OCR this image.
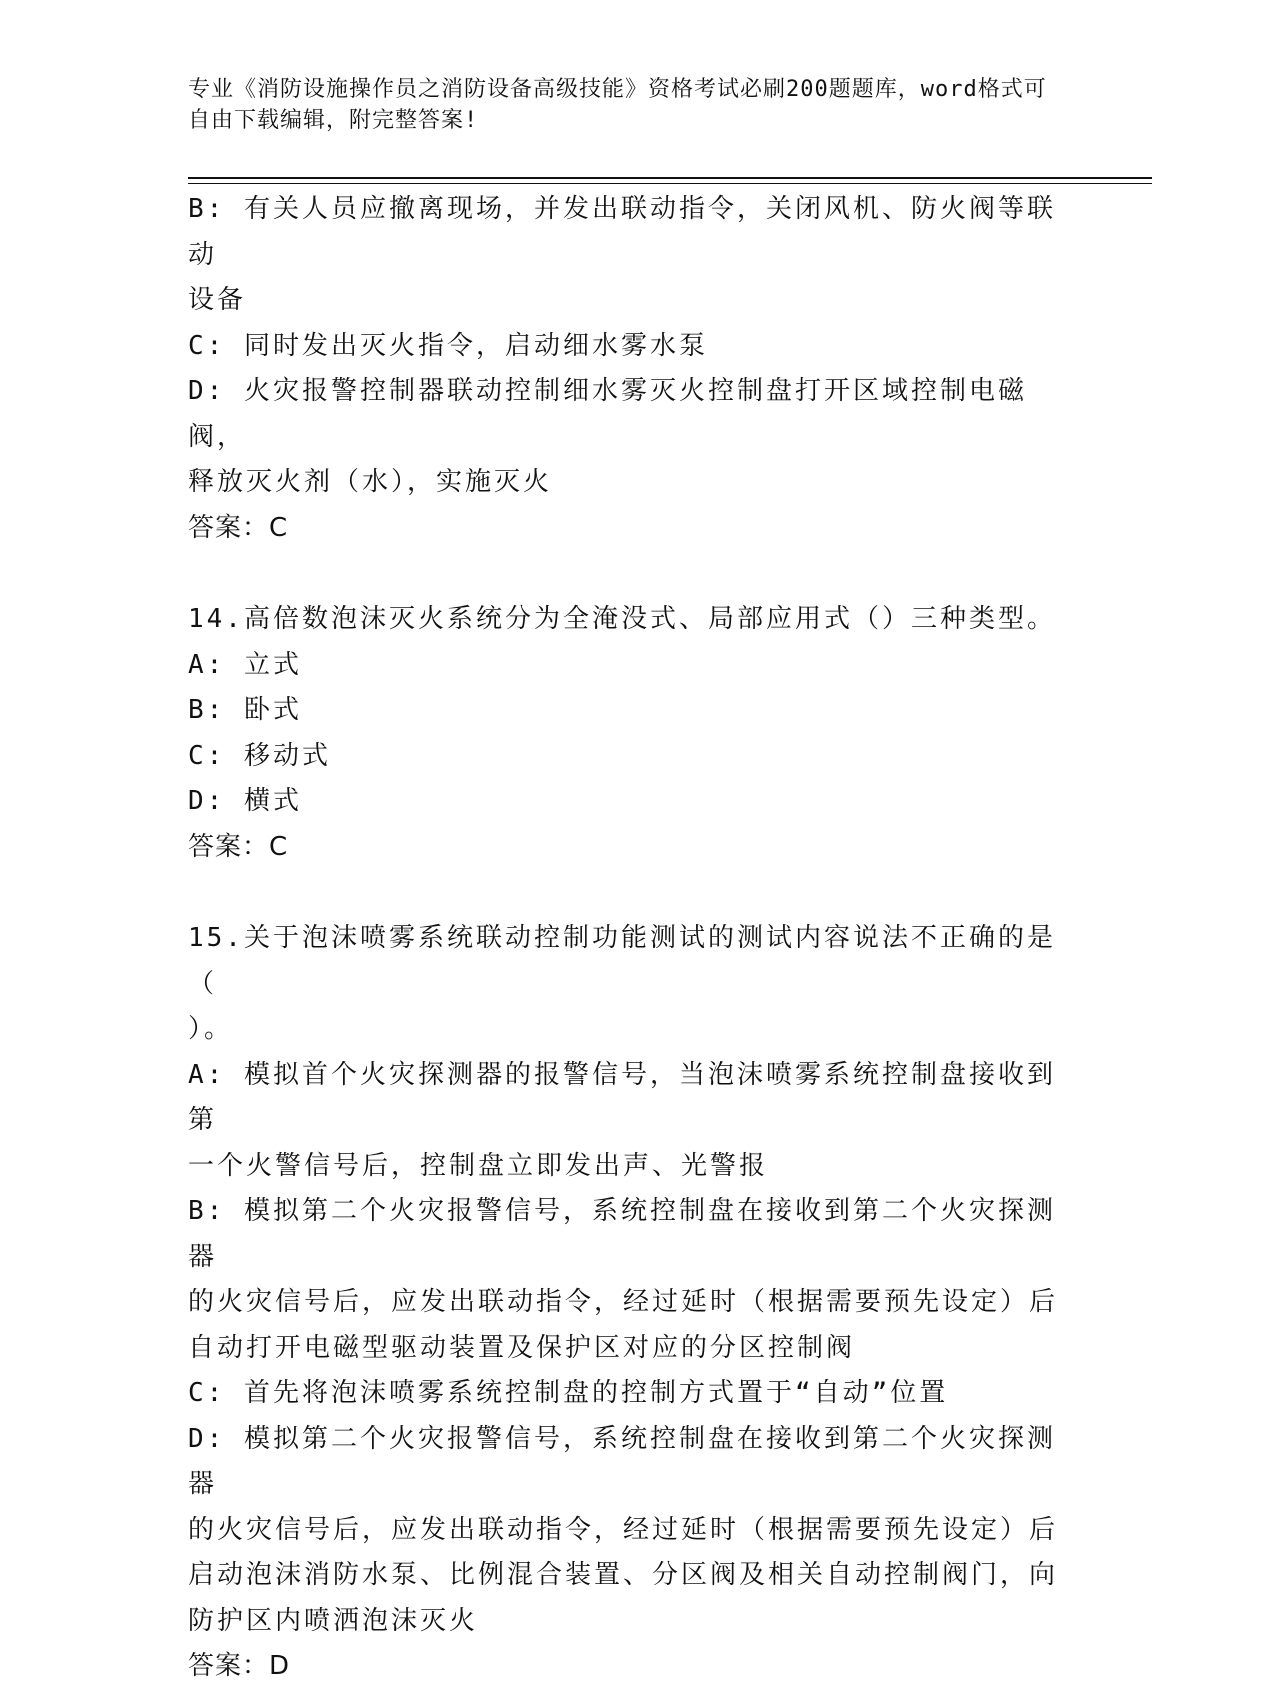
专业《消防设施操作员之消防设备高级技能》资格考试必刷200题题库，word格式可自由下载编辑，附完整答案!
B: 有关人员应撤离现场，并发出联动指令，关闭风机、防火阀等联动
设备
C: 同时发出灭火指令，启动细水雾水泵
D: 火灾报警控制器联动控制细水雾灭火控制盘打开区域控制电磁阀，
释放灭火剂（水），实施灭火
答案：C
14.高倍数泡沫灭火系统分为全淹没式、局部应用式（）三种类型。
A: 立式
B: 卧式
C: 移动式
D: 横式
答案：C
15.关于泡沫喷雾系统联动控制功能测试的测试内容说法不正确的是（
）。
A: 模拟首个火灾探测器的报警信号，当泡沫喷雾系统控制盘接收到第
一个火警信号后，控制盘立即发出声、光警报
B: 模拟第二个火灾报警信号，系统控制盘在接收到第二个火灾探测器
的火灾信号后，应发出联动指令，经过延时（根据需要预先设定）后
自动打开电磁型驱动装置及保护区对应的分区控制阀
C: 首先将泡沫喷雾系统控制盘的控制方式置于“自动”位置
D: 模拟第二个火灾报警信号，系统控制盘在接收到第二个火灾探测器
的火灾信号后，应发出联动指令，经过延时（根据需要预先设定）后
启动泡沫消防水泵、比例混合装置、分区阀及相关自动控制阀门，向
防护区内喷洒泡沫灭火
答案：D
